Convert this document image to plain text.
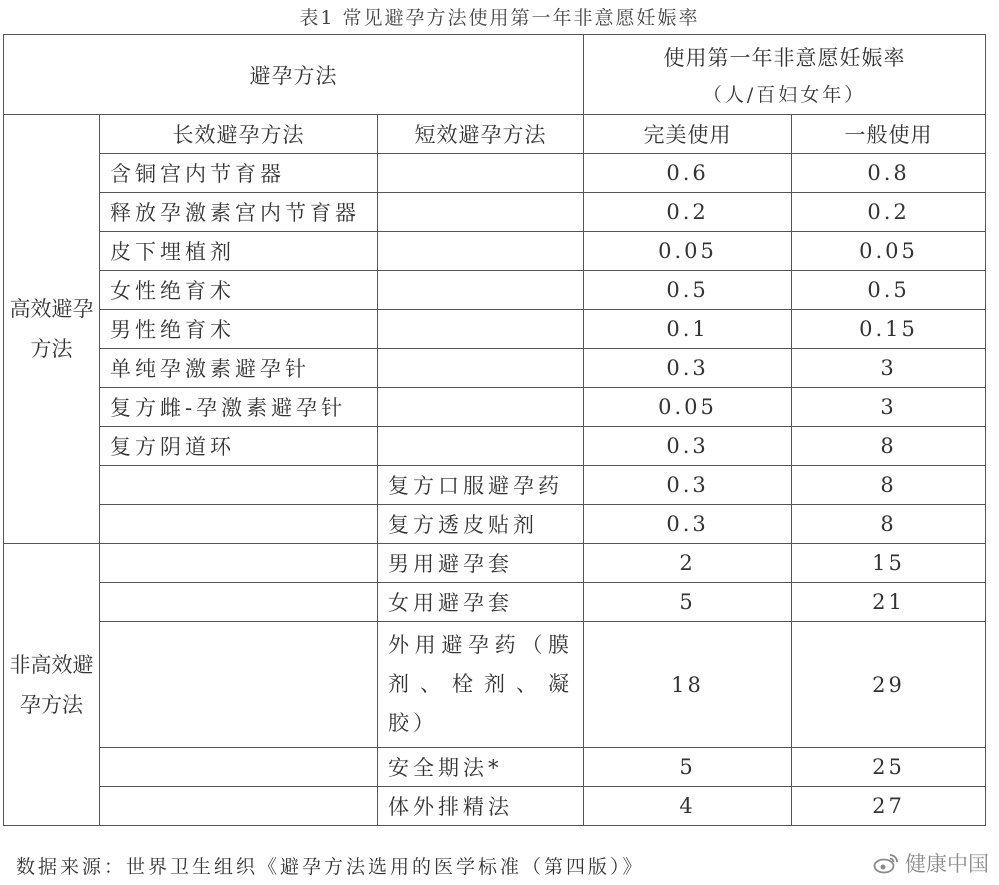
表1 常见避孕方法使用第一年非意愿妊娠率
避孕方法			使用第一年非意愿妊娠率
（人/百妇女年）	

高效避孕方法	长效避孕方法	短效避孕方法	完美使用	一般使用
	含铜宫内节育器		0.6	0.8
	释放孕激素宫内节育器		0.2	0.2
	皮下埋植剂		0.05	0.05
	女性绝育术		0.5	0.5
	男性绝育术		0.1	0.15
	单纯孕激素避孕针		0.3	3
	复方雌-孕激素避孕针		0.05	3
	复方阴道环		0.3	8
		复方口服避孕药	0.3	8
		复方透皮贴剂	0.3	8
非高效避孕方法		男用避孕套	2	15
		女用避孕套	5	21
		外用避孕药（膜剂、栓剂、凝胶）	18	29
		安全期法*	5	25
		体外排精法	4	27
数据来源：世界卫生组织《避孕方法选用的医学标准（第四版）》	健康中国
